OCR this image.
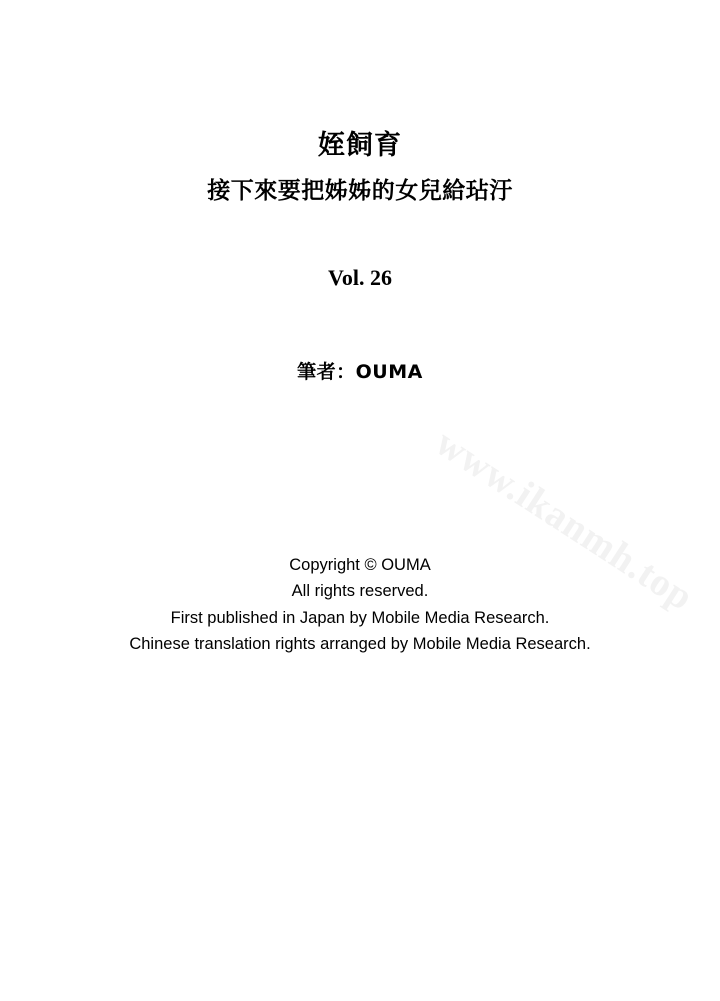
www.ikanmh.top
姪飼育
接下來要把姊姊的女兒給玷汙
Vol. 26
筆者：OUMA
Copyright © OUMA
All rights reserved.
First published in Japan by Mobile Media Research.
Chinese translation rights arranged by Mobile Media Research.
